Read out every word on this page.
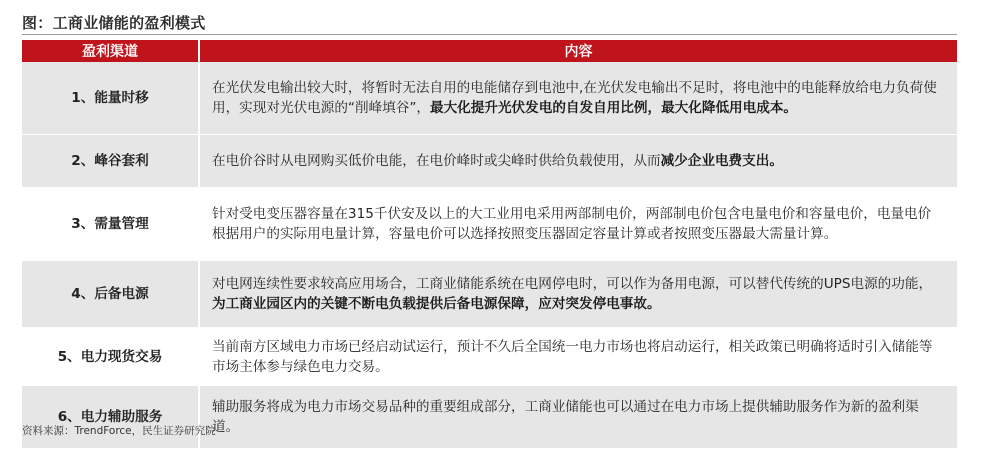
图：工商业储能的盈利模式
盈利渠道	内容
1、能量时移	在光伏发电输出较大时，将暂时无法自用的电能储存到电池中,在光伏发电输出不足时，将电池中的电能释放给电力负荷使用，实现对光伏电源的“削峰填谷”，最大化提升光伏发电的自发自用比例，最大化降低用电成本。
2、峰谷套利	在电价谷时从电网购买低价电能，在电价峰时或尖峰时供给负载使用，从而减少企业电费支出。
3、需量管理	针对受电变压器容量在315千伏安及以上的大工业用电采用两部制电价，两部制电价包含电量电价和容量电价，电量电价根据用户的实际用电量计算，容量电价可以选择按照变压器固定容量计算或者按照变压器最大需量计算。
4、后备电源	对电网连续性要求较高应用场合，工商业储能系统在电网停电时，可以作为备用电源，可以替代传统的UPS电源的功能，为工商业园区内的关键不断电负载提供后备电源保障，应对突发停电事故。
5、电力现货交易	当前南方区域电力市场已经启动试运行，预计不久后全国统一电力市场也将启动运行，相关政策已明确将适时引入储能等市场主体参与绿色电力交易。
6、电力辅助服务	辅助服务将成为电力市场交易品种的重要组成部分，工商业储能也可以通过在电力市场上提供辅助服务作为新的盈利渠道。
资料来源：TrendForce，民生证券研究院
